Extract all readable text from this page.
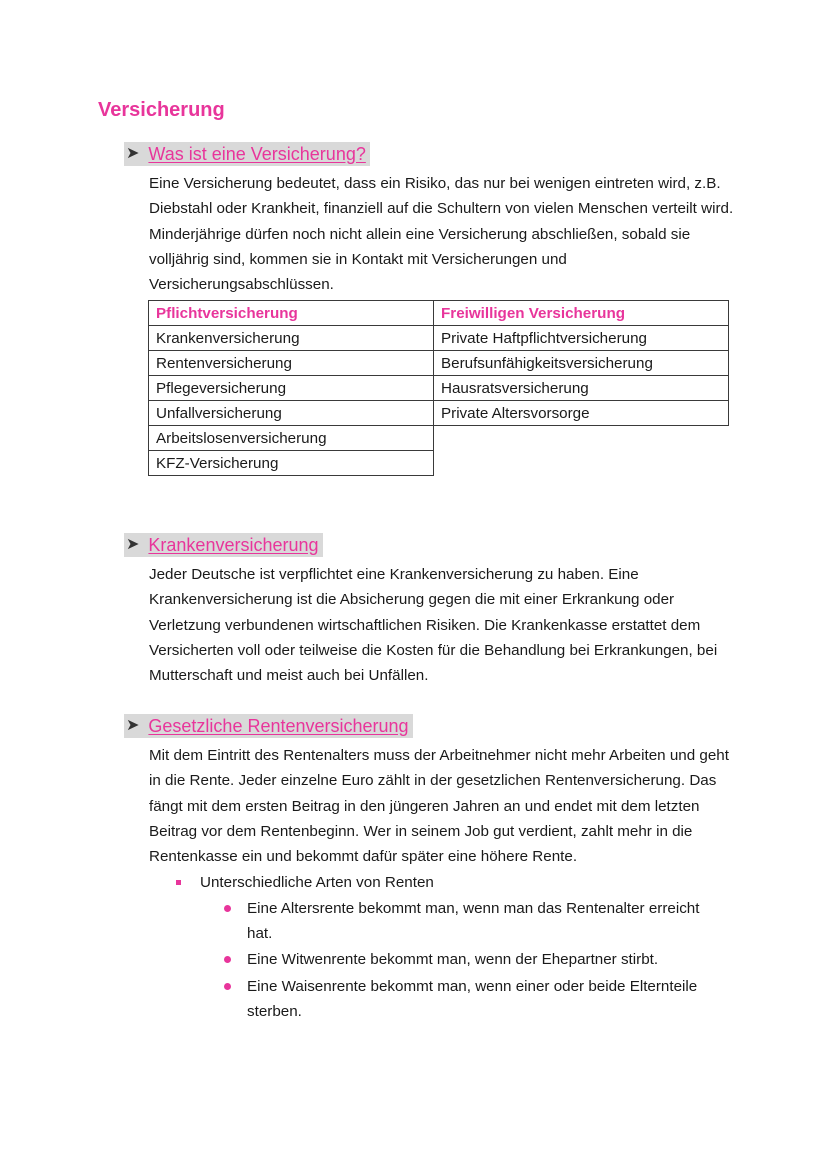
Versicherung
➤ Was ist eine Versicherung?

Eine Versicherung bedeutet, dass ein Risiko, das nur bei wenigen eintreten wird, z.B. Diebstahl oder Krankheit, finanziell auf die Schultern von vielen Menschen verteilt wird.

Minderjährige dürfen noch nicht allein eine Versicherung abschließen, sobald sie volljährig sind, kommen sie in Kontakt mit Versicherungen und Versicherungsabschlüssen.

Pflichtversicherung	Freiwilligen Versicherung
Krankenversicherung	Private Haftpflichtversicherung
Rentenversicherung	Berufsunfähigkeitsversicherung
Pflegeversicherung	Hausratsversicherung
Unfallversicherung	Private Altersvorsorge
Arbeitslosenversicherung	
KFZ-Versicherung	
➤ Krankenversicherung

Jeder Deutsche ist verpflichtet eine Krankenversicherung zu haben. Eine Krankenversicherung ist die Absicherung gegen die mit einer Erkrankung oder Verletzung verbundenen wirtschaftlichen Risiken. Die Krankenkasse erstattet dem Versicherten voll oder teilweise die Kosten für die Behandlung bei Erkrankungen, bei Mutterschaft und meist auch bei Unfällen.

➤ Gesetzliche Rentenversicherung

Mit dem Eintritt des Rentenalters muss der Arbeitnehmer nicht mehr Arbeiten und geht in die Rente. Jeder einzelne Euro zählt in der gesetzlichen Rentenversicherung. Das fängt mit dem ersten Beitrag in den jüngeren Jahren an und endet mit dem letzten Beitrag vor dem Rentenbeginn. Wer in seinem Job gut verdient, zahlt mehr in die Rentenkasse ein und bekommt dafür später eine höhere Rente.

Unterschiedliche Arten von Renten
Eine Altersrente bekommt man, wenn man das Rentenalter erreicht hat.
Eine Witwenrente bekommt man, wenn der Ehepartner stirbt.
Eine Waisenrente bekommt man, wenn einer oder beide Elternteile sterben.
